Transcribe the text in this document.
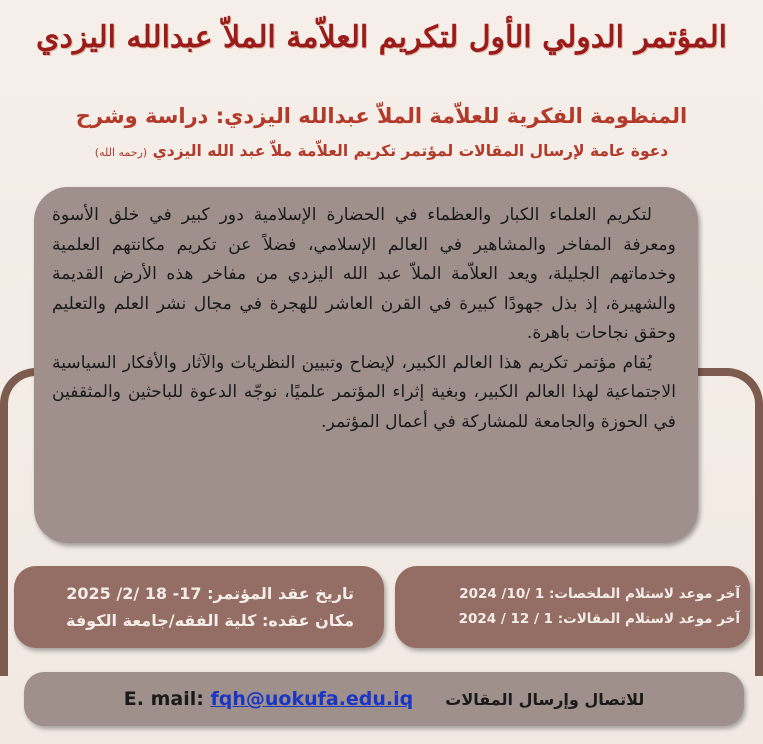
المؤتمر الدولي الأول لتكريم العلاّمة الملاّ عبدالله اليزدي
المنظومة الفكرية للعلاّمة الملاّ عبدالله اليزدي: دراسة وشرح
دعوة عامة لإرسال المقالات لمؤتمر تكريم العلاّمة ملاّ عبد الله اليزدي (رحمه الله)

لتكريم العلماء الكبار والعظماء في الحضارة الإسلامية دور كبير في خلق الأسوة ومعرفة المفاخر والمشاهير في العالم الإسلامي، فضلاً عن تكريم مكانتهم العلمية وخدماتهم الجليلة، ويعد العلاّمة الملاّ عبد الله اليزدي من مفاخر هذه الأرض القديمة والشهيرة، إذ بذل جهودًا كبيرة في القرن العاشر للهجرة في مجال نشر العلم والتعليم وحقق نجاحات باهرة.

يُقام مؤتمر تكريم هذا العالم الكبير، لإيضاح وتبيين النظريات والآثار والأفكار السياسية الاجتماعية لهذا العالم الكبير، وبغية إثراء المؤتمر علميًا، نوجّه الدعوة للباحثين والمثقفين في الحوزة والجامعة للمشاركة في أعمال المؤتمر.

آخر موعد لاستلام الملخصات: 1 /10/ 2024
آخر موعد لاستلام المقالات: 1 / 12 / 2024
تاريخ عقد المؤتمر: 17- 18 /2/ 2025
مكان عقده: كلية الفقه/جامعة الكوفة
للاتصال وإرسال المقالات
E. mail: fqh@uokufa.edu.iq
